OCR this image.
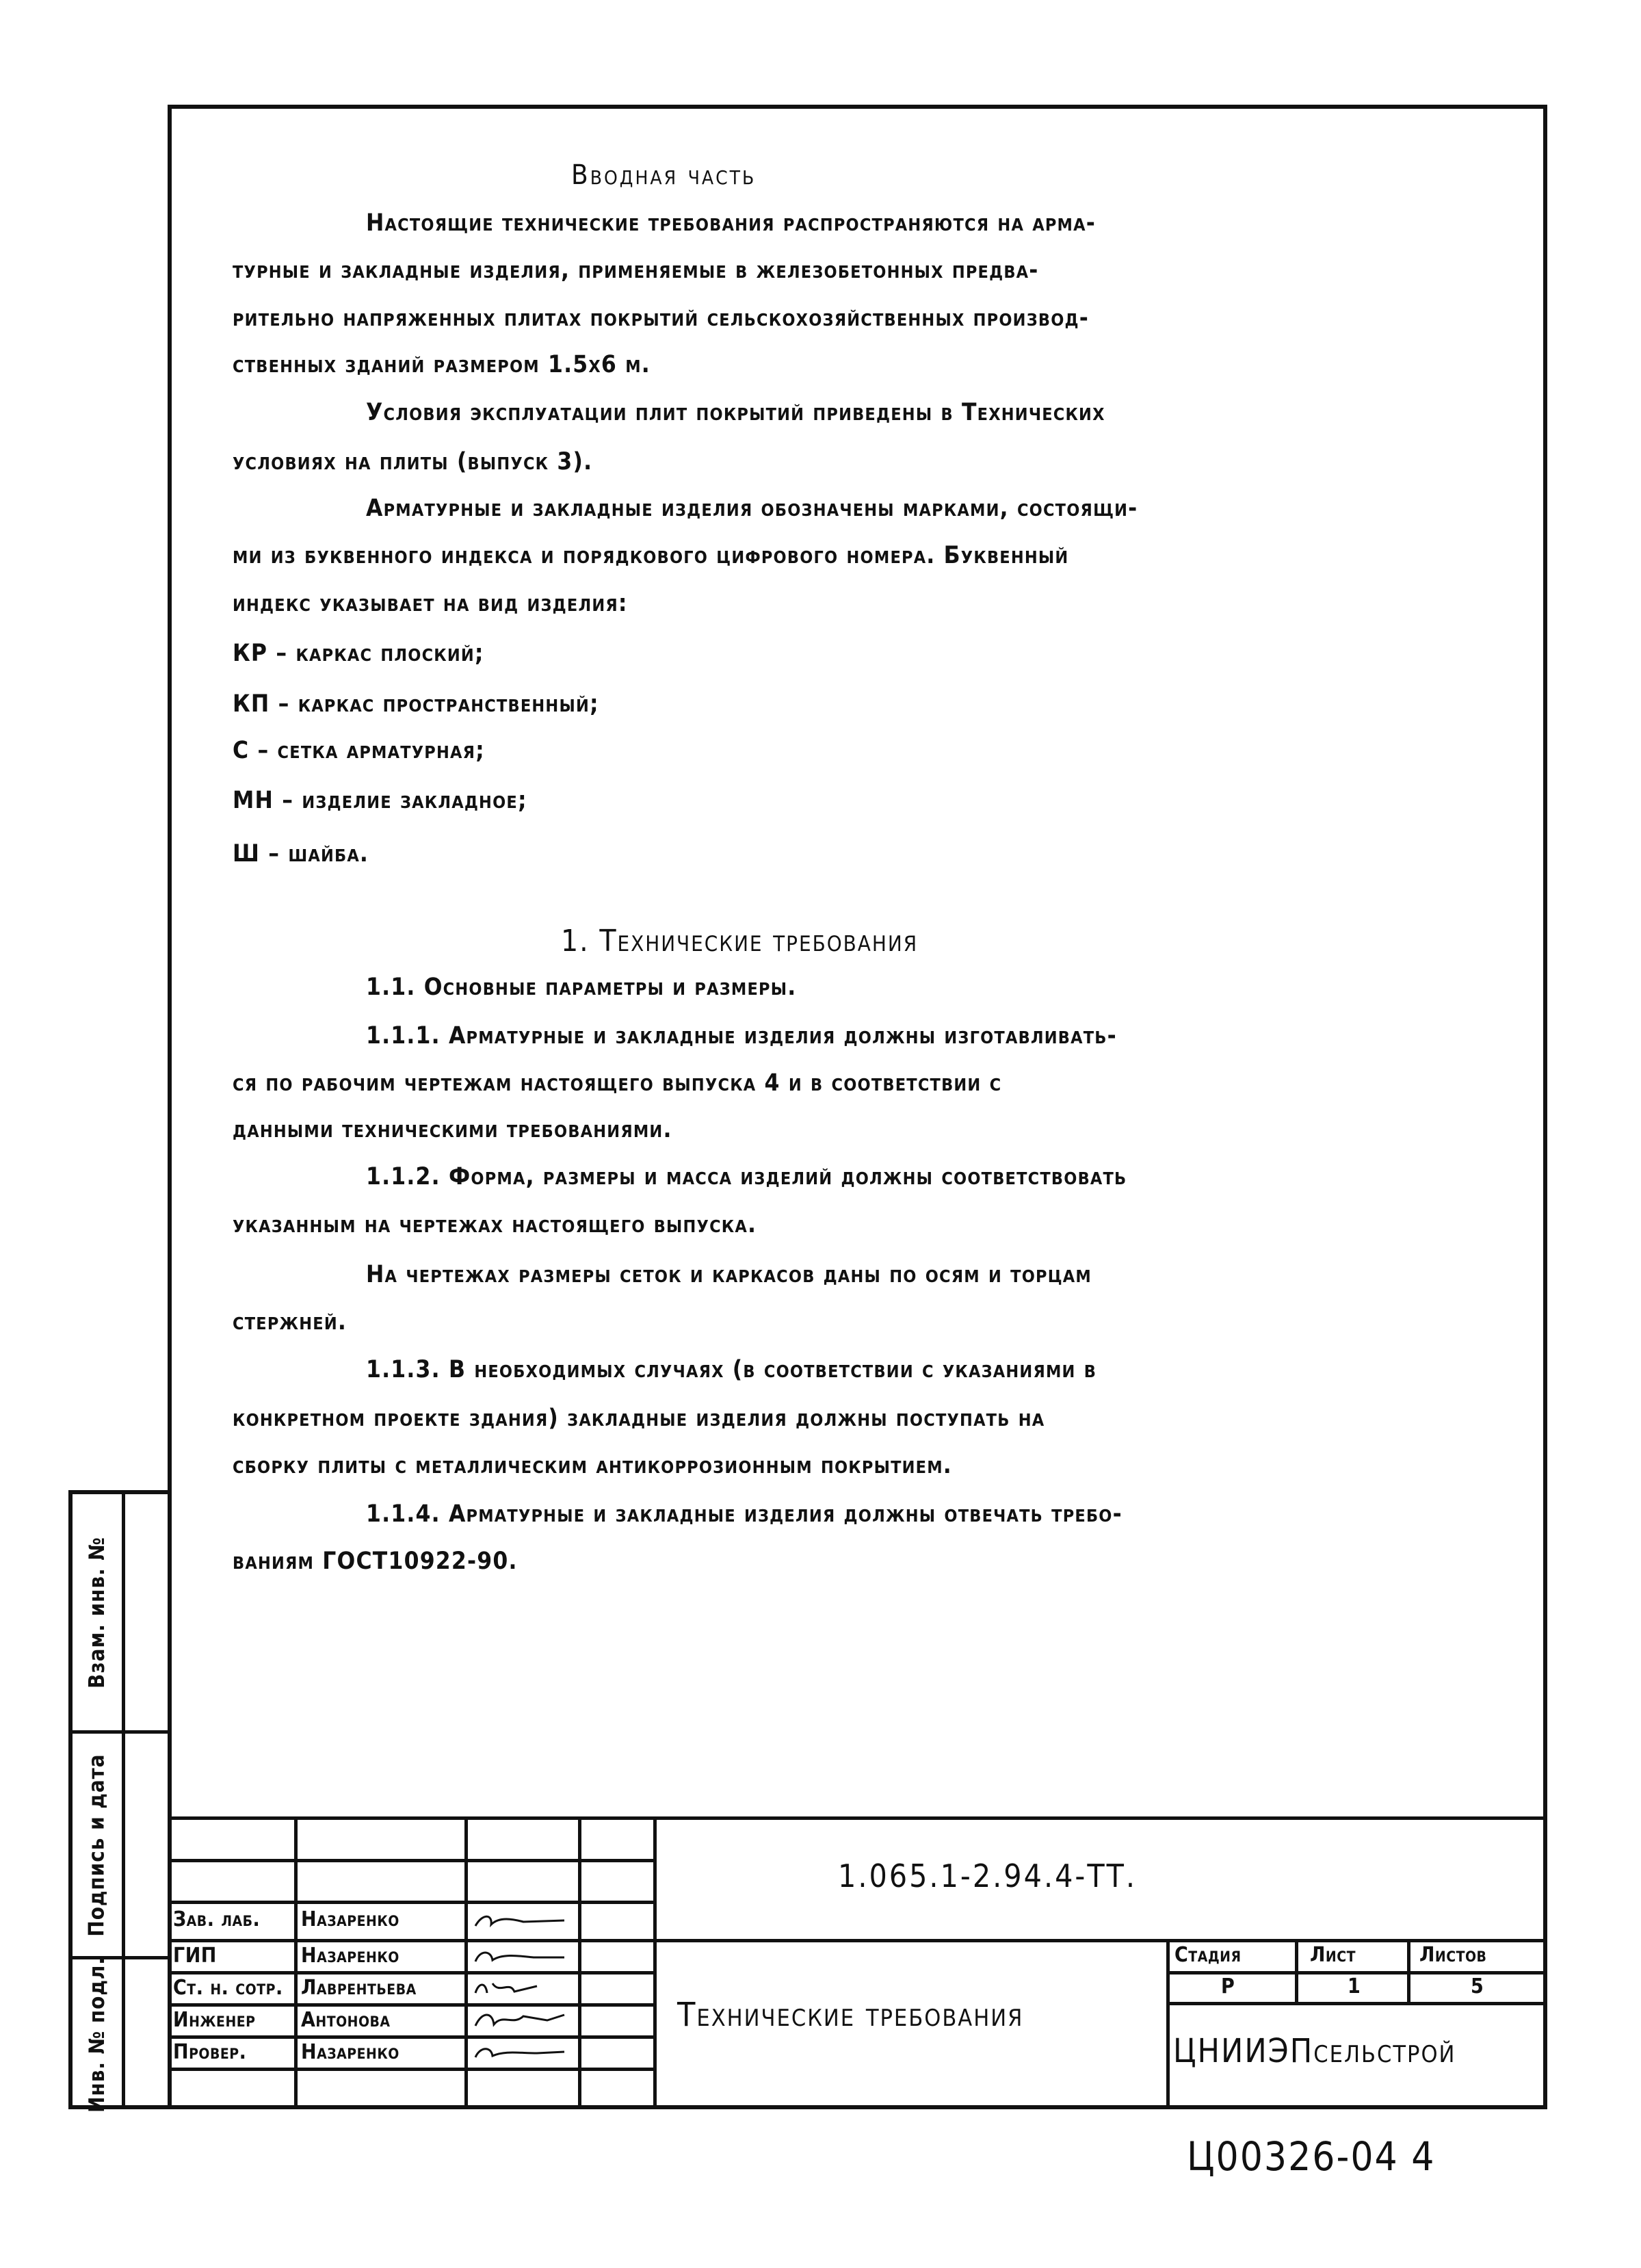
Взам. инв. №
Подпись и дата
Инв. № подл.
Вводная часть
Настоящие технические требования распространяются на арма-
турные и закладные изделия, применяемые в железобетонных предва-
рительно напряженных плитах покрытий сельскохозяйственных производ-
ственных зданий размером 1.5х6 м.
Условия эксплуатации плит покрытий приведены в Технических
условиях на плиты (выпуск 3).
Арматурные и закладные изделия обозначены марками, состоящи-
ми из буквенного индекса и порядкового цифрового номера. Буквенный
индекс указывает на вид изделия:
КР – каркас плоский;
КП – каркас пространственный;
С – сетка арматурная;
МН – изделие закладное;
Ш – шайба.
1. Технические требования
1.1. Основные параметры и размеры.
1.1.1. Арматурные и закладные изделия должны изготавливать-
ся по рабочим чертежам настоящего выпуска 4 и в соответствии с
данными техническими требованиями.
1.1.2. Форма, размеры и масса изделий должны соответствовать
указанным на чертежах настоящего выпуска.
На чертежах размеры сеток и каркасов даны по осям и торцам
стержней.
1.1.3. В необходимых случаях (в соответствии с указаниями в
конкретном проекте здания) закладные изделия должны поступать на
сборку плиты с металлическим антикоррозионным покрытием.
1.1.4. Арматурные и закладные изделия должны отвечать требо-
ваниям ГОСТ10922-90.
Зав. лаб. Назаренко
ГИП	Назаренко
Ст. н. сотр. Лаврентьева
Инженер Антонова
Провер.	Назаренко
1.065.1-2.94.4-ТТ.
Технические требования
Стадия	Лист	Листов
Р	1	5
ЦНИИЭПсельстрой
Ц00326-04 4
